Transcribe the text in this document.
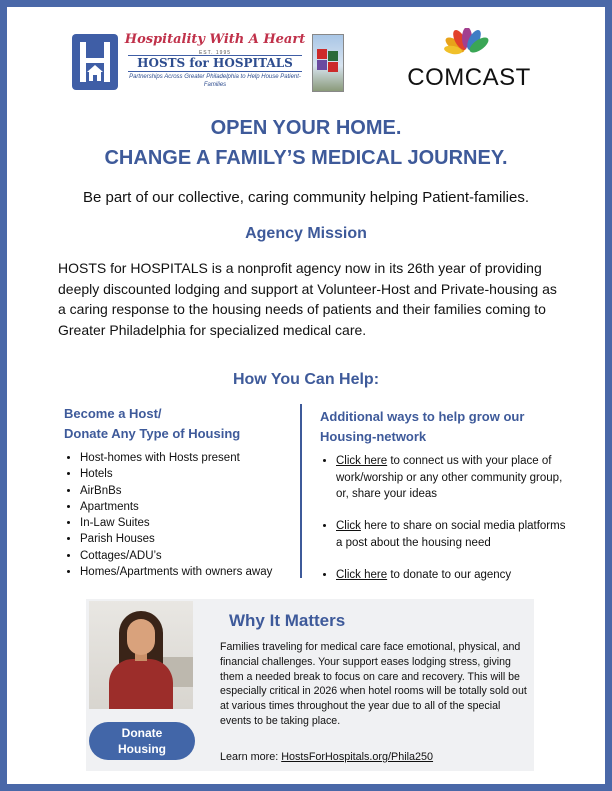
Hospitality With A Heart
EST. 1995
HOSTS for HOSPITALS
Partnerships Across Greater Philadelphia to Help House Patient-Families	COMCAST
OPEN YOUR HOME.
CHANGE A FAMILY’S MEDICAL JOURNEY.
Be part of our collective, caring community helping Patient-families.
Agency Mission
HOSTS for HOSPITALS is a nonprofit agency now in its 26th year of providing deeply discounted lodging and support at Volunteer-Host and Private-housing as a caring response to the housing needs of patients and their families coming to Greater Philadelphia for specialized medical care.
How You Can Help:
Become a Host/
Donate Any Type of Housing
• Host-homes with Hosts present
• Hotels
• AirBnBs
• Apartments
• In-Law Suites
• Parish Houses
• Cottages/ADU’s
• Homes/Apartments with owners away
Additional ways to help grow our
Housing-network
• Click here to connect us with your place of work/worship or any other community group, or, share your ideas
• Click here to share on social media platforms a post about the housing need
• Click here to donate to our agency
Donate
Housing
Why It Matters
Families traveling for medical care face emotional, physical, and financial challenges. Your support eases lodging stress, giving them a needed break to focus on care and recovery. This will be especially critical in 2026 when hotel rooms will be totally sold out at various times throughout the year due to all of the special events to be taking place.
Learn more: HostsForHospitals.org/Phila250
